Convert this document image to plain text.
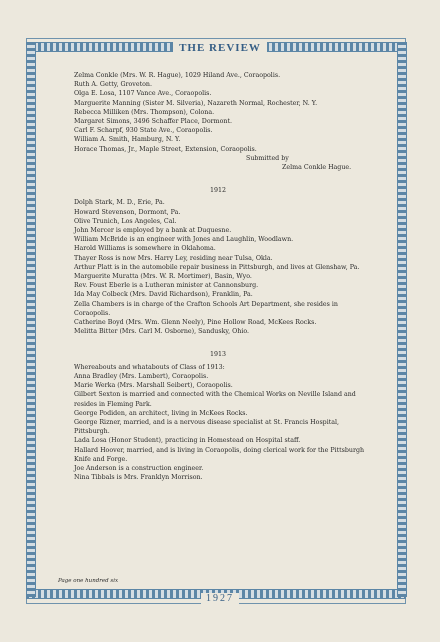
THE REVIEW
Zelma Conkle (Mrs. W. R. Hague), 1029 Hiland Ave., Coraopolis.
Ruth A. Getty, Groveton.
Olga E. Losa, 1107 Vance Ave., Coraopolis.
Marguerite Manning (Sister M. Silveria), Nazareth Normal, Rochester, N. Y.
Rebecca Milliken (Mrs. Thompson), Colona.
Margaret Simons, 3496 Schaffer Place, Dormont.
Carl F. Scharpf, 930 State Ave., Coraopolis.
William A. Smith, Hamburg, N. Y.
Horace Thomas, Jr., Maple Street, Extension, Coraopolis.
Submitted by
Zelma Conkle Hague.
1912
Dolph Stark, M. D., Erie, Pa.
Howard Stevenson, Dormont, Pa.
Olive Trunich, Los Angeles, Cal.
John Mercer is employed by a bank at Duquesne.
William McBride is an engineer with Jones and Laughlin, Woodlawn.
Harold Williams is somewhere in Oklahoma.
Thayer Ross is now Mrs. Harry Ley, residing near Tulsa, Okla.
Arthur Platt is in the automobile repair business in Pittsburgh, and lives at Glenshaw, Pa.
Marguerite Muratta (Mrs. W. R. Mortimer), Basin, Wyo.
Rev. Foust Eberle is a Lutheran minister at Cannonsburg.
Ida May Colbeck (Mrs. David Richardson), Franklin, Pa.
Zella Chambers is in charge of the Crafton Schools Art Department, she resides in Coraopolis.
Catherine Boyd (Mrs. Wm. Glenn Neely), Pine Hollow Road, McKees Rocks.
Melitta Bitter (Mrs. Carl M. Osborne), Sandusky, Ohio.
1913
Whereabouts and whatabouts of Class of 1913:
Anna Bradley (Mrs. Lambert), Coraopolis.
Marie Werka (Mrs. Marshall Seibert), Coraopolis.
Gilbert Sexton is married and connected with the Chemical Works on Neville Island and resides in Fleming Park.
George Podiden, an architect, living in McKees Rocks.
George Rizner, married, and is a nervous disease specialist at St. Francis Hospital, Pittsburgh.
Lada Losa (Honor Student), practicing in Homestead on Hospital staff.
Hallard Hoover, married, and is living in Coraopolis, doing clerical work for the Pittsburgh Knife and Forge.
Joe Anderson is a construction engineer.
Nina Tibbals is Mrs. Franklyn Morrison.
Page one hundred six
1927
